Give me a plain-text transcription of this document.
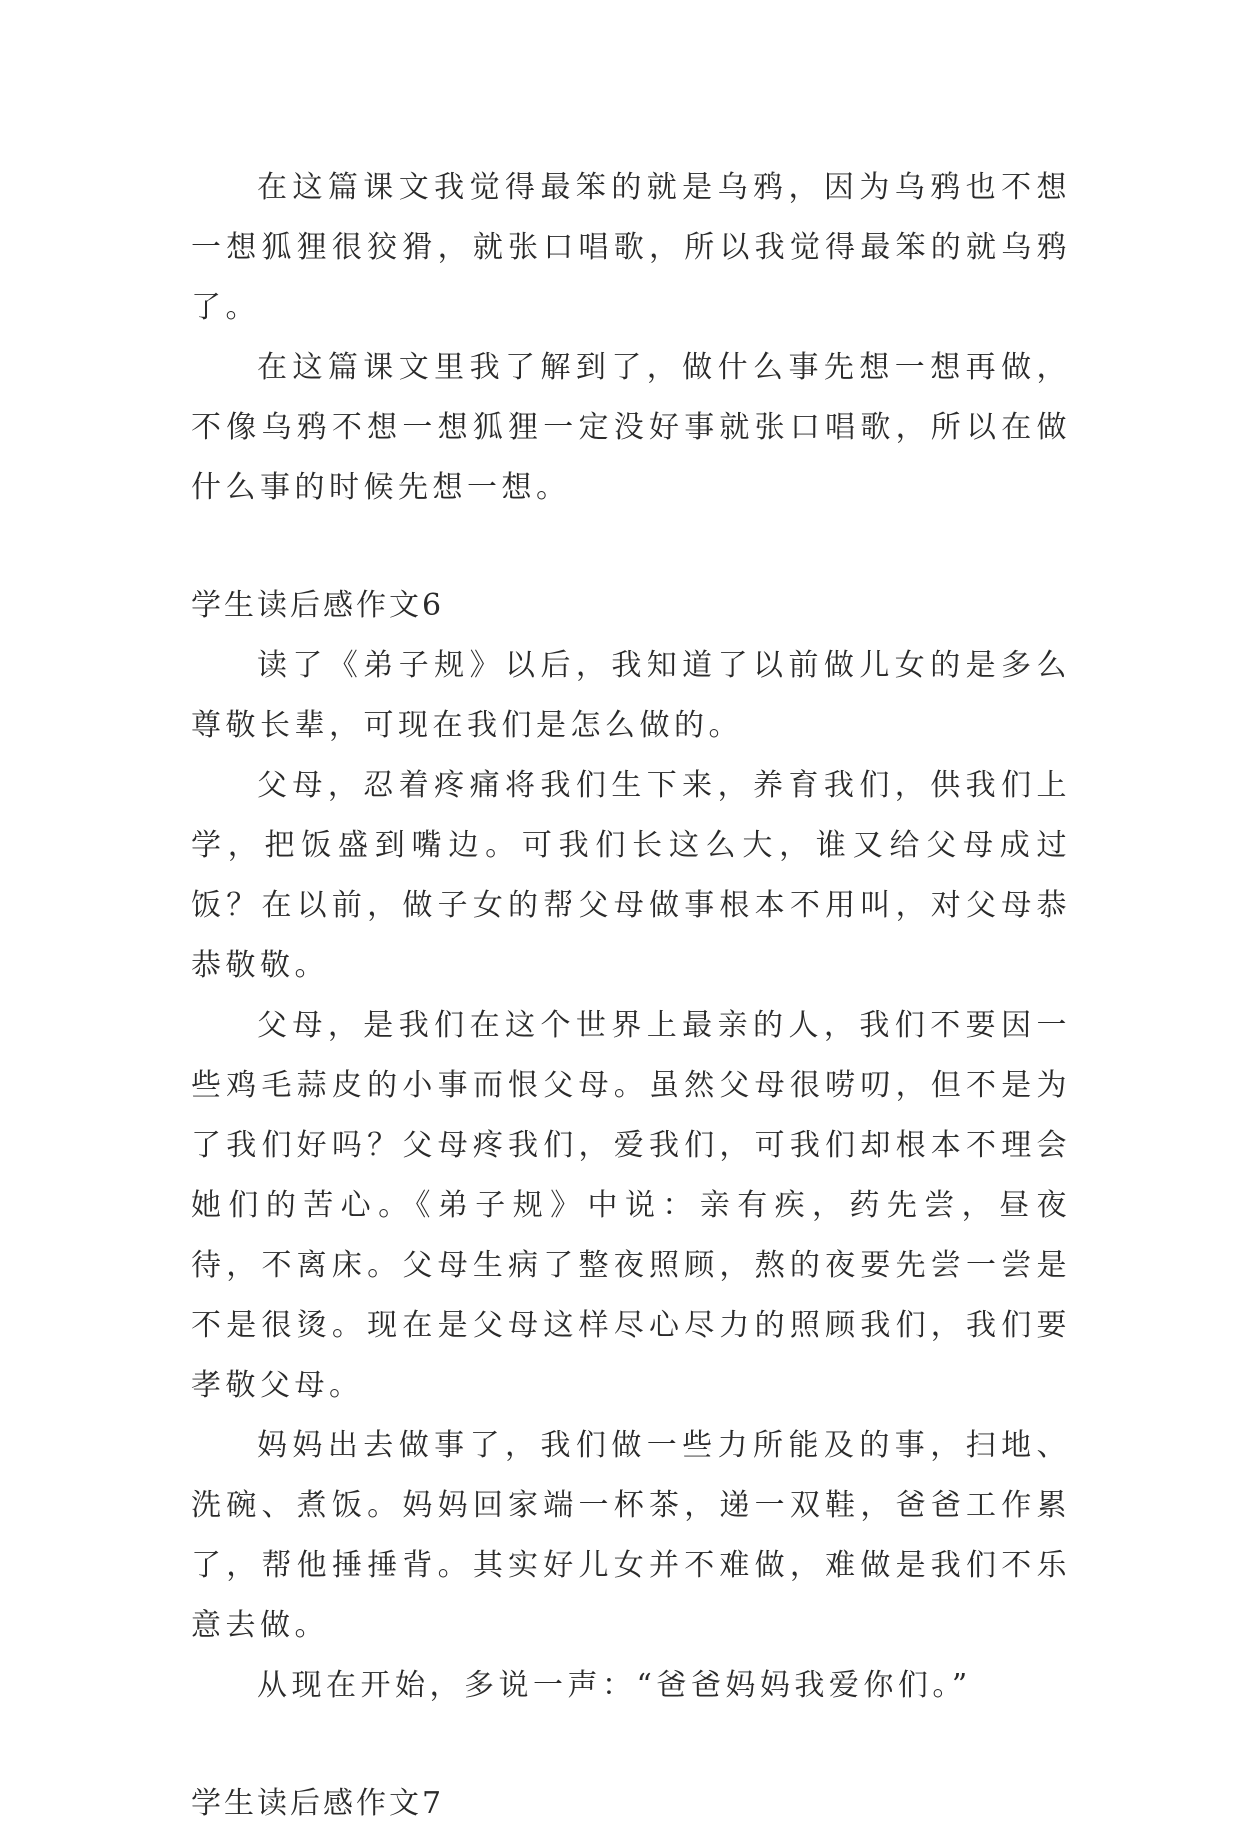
在这篇课文我觉得最笨的就是乌鸦，因为乌鸦也不想一想狐狸很狡猾，就张口唱歌，所以我觉得最笨的就乌鸦了。

在这篇课文里我了解到了，做什么事先想一想再做，不像乌鸦不想一想狐狸一定没好事就张口唱歌，所以在做什么事的时候先想一想。

学生读后感作文6

读了《弟子规》以后，我知道了以前做儿女的是多么尊敬长辈，可现在我们是怎么做的。

父母，忍着疼痛将我们生下来，养育我们，供我们上学，把饭盛到嘴边。可我们长这么大，谁又给父母成过饭？在以前，做子女的帮父母做事根本不用叫，对父母恭恭敬敬。

父母，是我们在这个世界上最亲的人，我们不要因一些鸡毛蒜皮的小事而恨父母。虽然父母很唠叨，但不是为了我们好吗？父母疼我们，爱我们，可我们却根本不理会她们的苦心。《弟子规》中说：亲有疾，药先尝，昼夜待，不离床。父母生病了整夜照顾，熬的夜要先尝一尝是不是很烫。现在是父母这样尽心尽力的照顾我们，我们要孝敬父母。

妈妈出去做事了，我们做一些力所能及的事，扫地、洗碗、煮饭。妈妈回家端一杯茶，递一双鞋，爸爸工作累了，帮他捶捶背。其实好儿女并不难做，难做是我们不乐意去做。

从现在开始，多说一声：“爸爸妈妈我爱你们。”

学生读后感作文7
